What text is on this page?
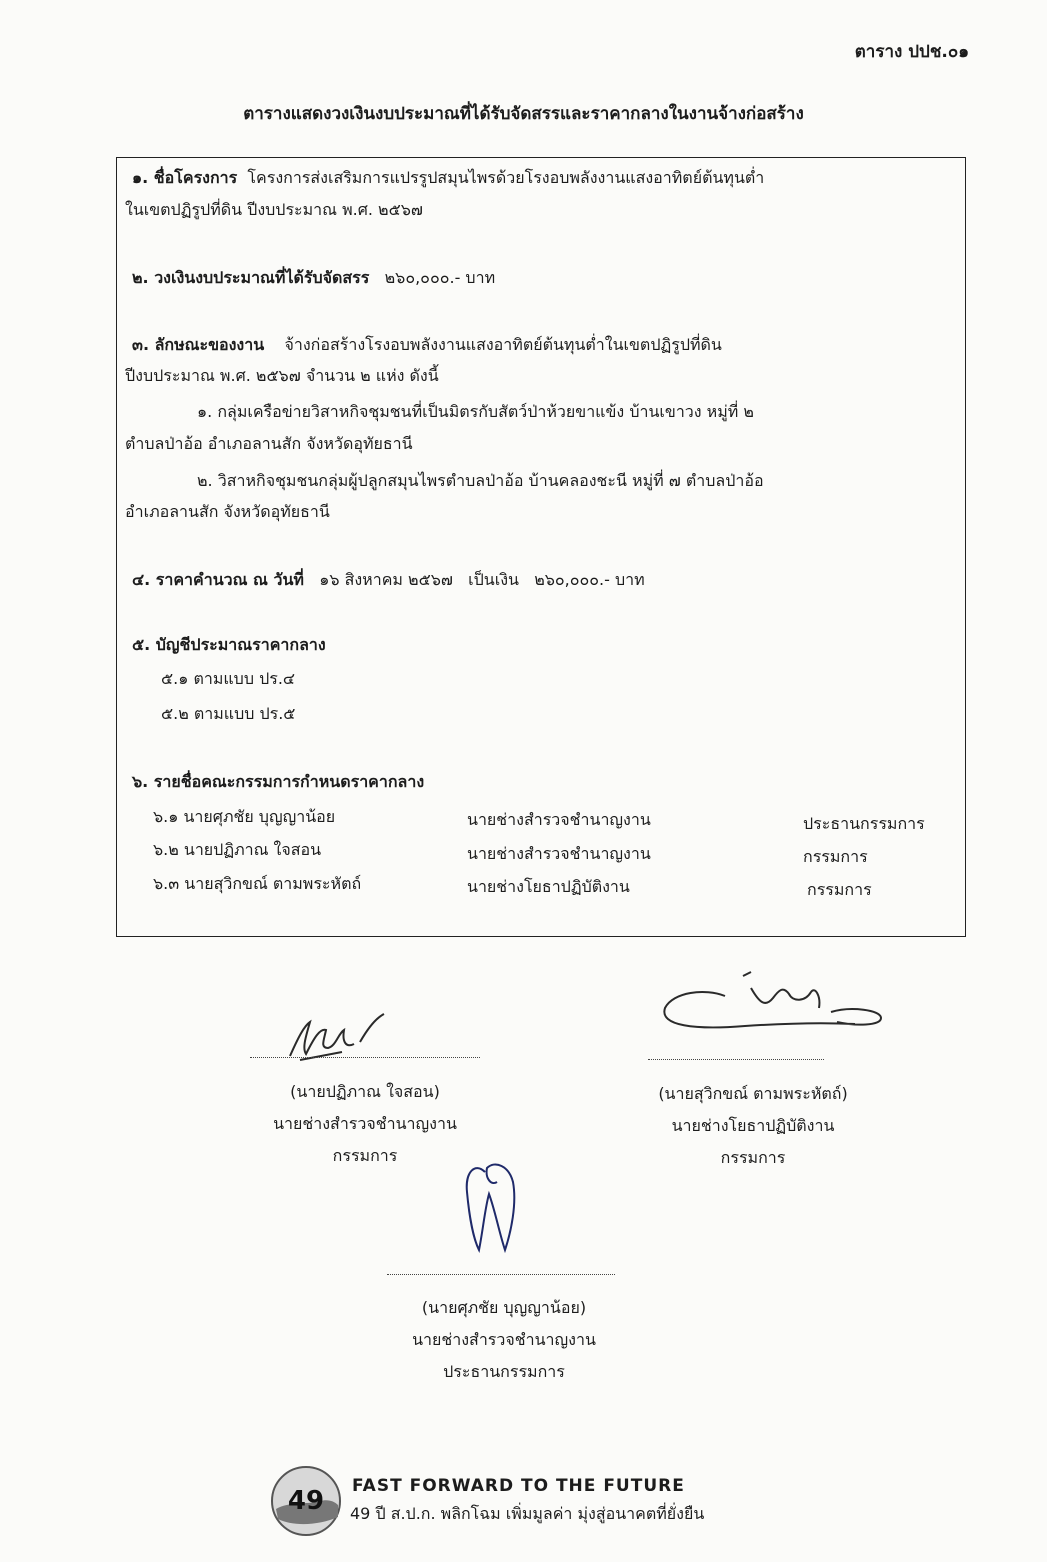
ตาราง ปปช.๐๑
ตารางแสดงวงเงินงบประมาณที่ได้รับจัดสรรและราคากลางในงานจ้างก่อสร้าง
๑. ชื่อโครงการ โครงการส่งเสริมการแปรรูปสมุนไพรด้วยโรงอบพลังงานแสงอาทิตย์ต้นทุนต่ำ
ในเขตปฏิรูปที่ดิน ปีงบประมาณ พ.ศ. ๒๕๖๗
๒. วงเงินงบประมาณที่ได้รับจัดสรร ๒๖๐,๐๐๐.- บาท
๓. ลักษณะของงาน จ้างก่อสร้างโรงอบพลังงานแสงอาทิตย์ต้นทุนต่ำในเขตปฏิรูปที่ดิน
ปีงบประมาณ พ.ศ. ๒๕๖๗ จำนวน ๒ แห่ง ดังนี้
๑. กลุ่มเครือข่ายวิสาหกิจชุมชนที่เป็นมิตรกับสัตว์ป่าห้วยขาแข้ง บ้านเขาวง หมู่ที่ ๒
ตำบลป่าอ้อ อำเภอลานสัก จังหวัดอุทัยธานี
๒. วิสาหกิจชุมชนกลุ่มผู้ปลูกสมุนไพรตำบลป่าอ้อ บ้านคลองชะนี หมู่ที่ ๗ ตำบลป่าอ้อ
อำเภอลานสัก จังหวัดอุทัยธานี
๔. ราคาคำนวณ ณ วันที่ ๑๖ สิงหาคม ๒๕๖๗ เป็นเงิน ๒๖๐,๐๐๐.- บาท
๕. บัญชีประมาณราคากลาง
๕.๑ ตามแบบ ปร.๔
๕.๒ ตามแบบ ปร.๕
๖. รายชื่อคณะกรรมการกำหนดราคากลาง
๖.๑ นายศุภชัย บุญญาน้อย	นายช่างสำรวจชำนาญงาน	ประธานกรรมการ
๖.๒ นายปฏิภาณ ใจสอน	นายช่างสำรวจชำนาญงาน	กรรมการ
๖.๓ นายสุวิกขณ์ ตามพระหัตถ์	นายช่างโยธาปฏิบัติงาน	กรรมการ
(นายปฏิภาณ ใจสอน)
นายช่างสำรวจชำนาญงาน
กรรมการ
(นายสุวิกขณ์ ตามพระหัตถ์)
นายช่างโยธาปฏิบัติงาน
กรรมการ
(นายศุภชัย บุญญาน้อย)
นายช่างสำรวจชำนาญงาน
ประธานกรรมการ
49 FAST FORWARD TO THE FUTURE
49 ปี ส.ป.ก. พลิกโฉม เพิ่มมูลค่า มุ่งสู่อนาคตที่ยั่งยืน
